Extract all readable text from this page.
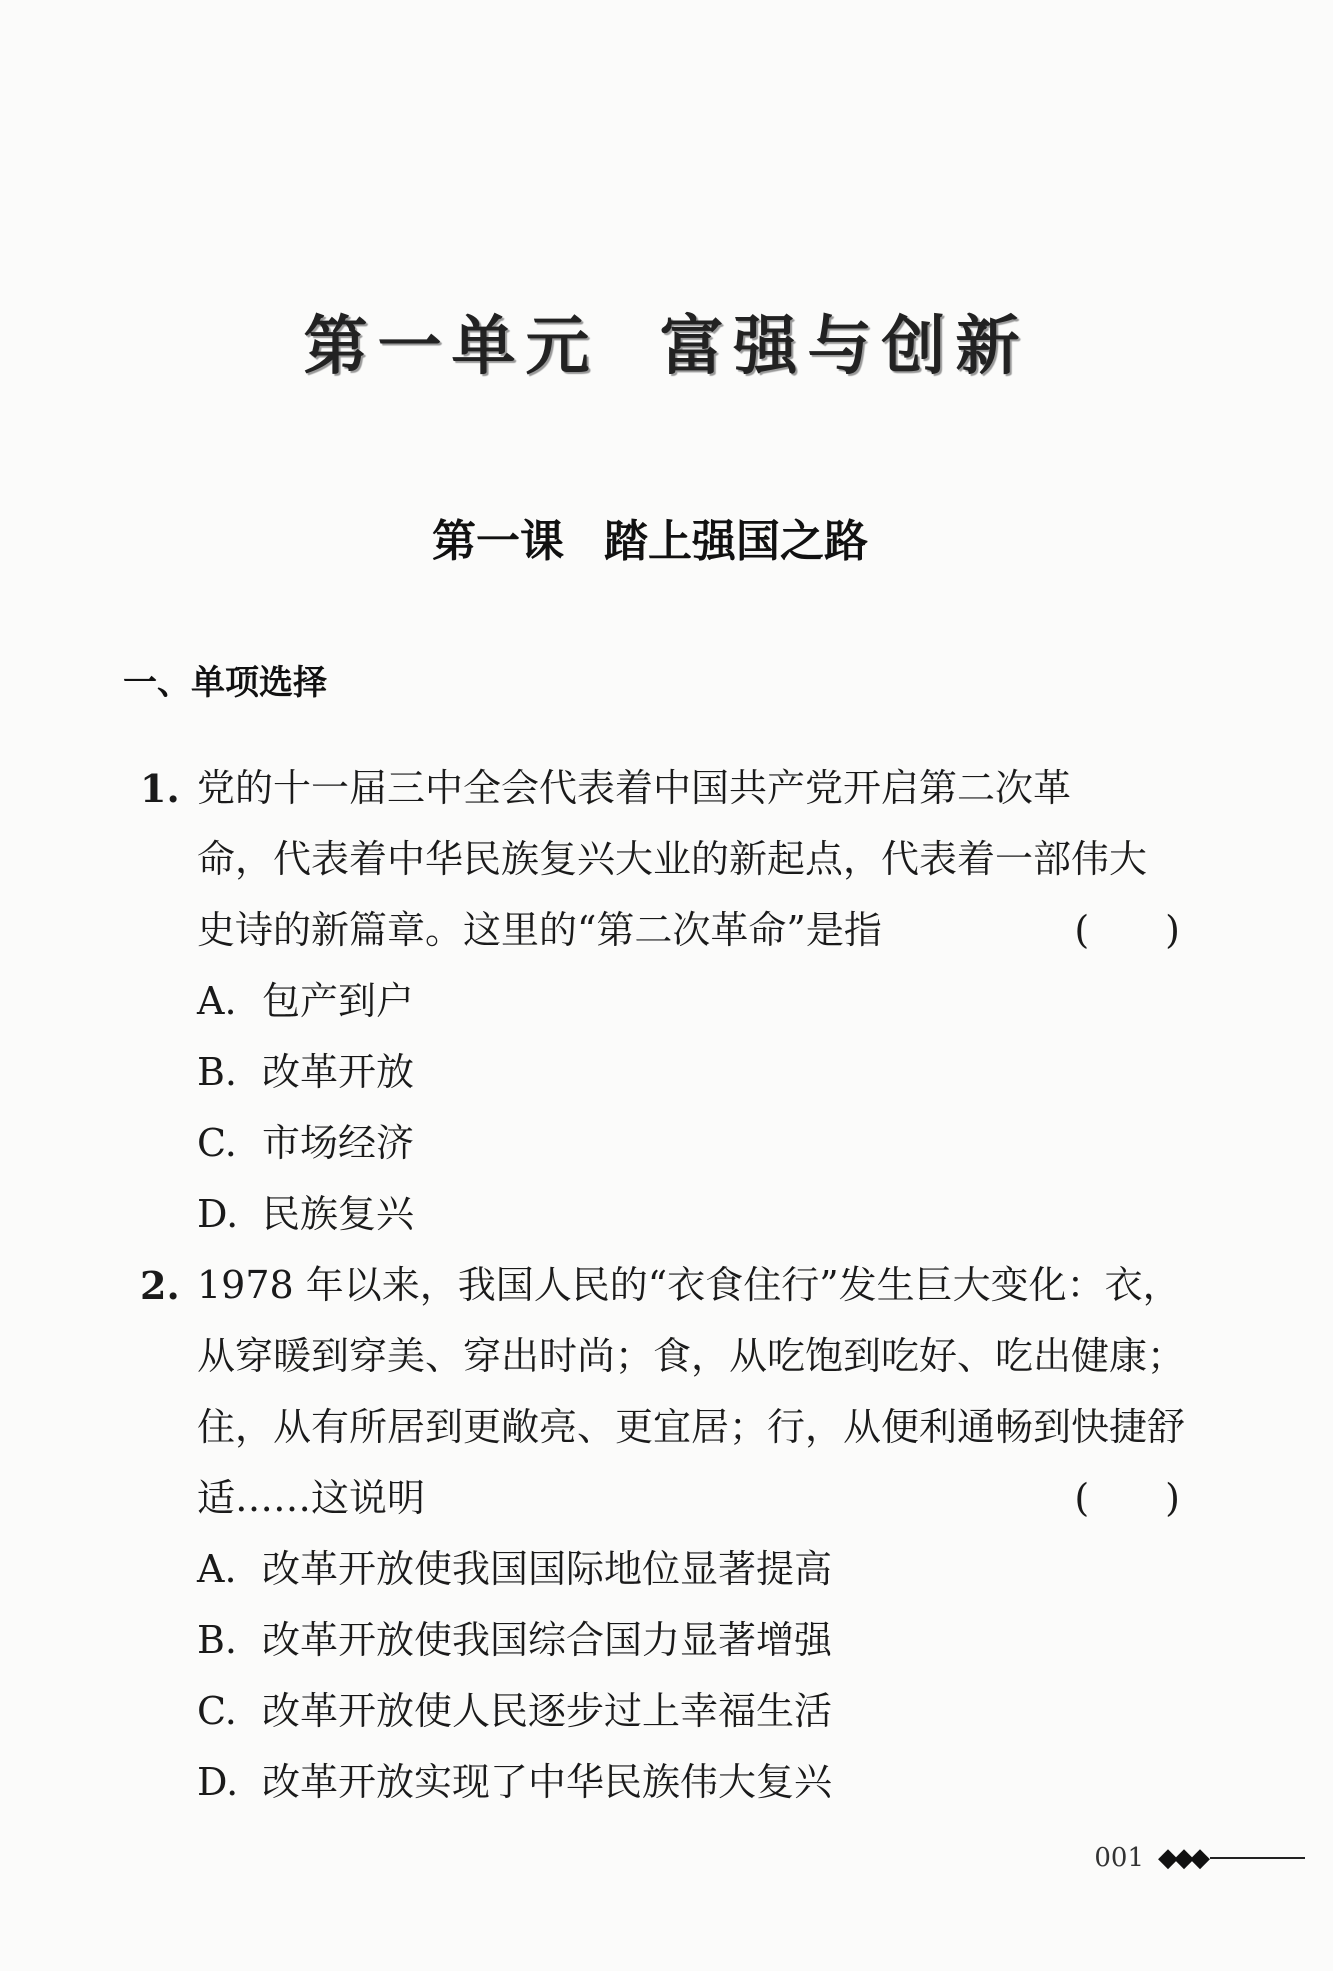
第一单元 富强与创新
第一课 踏上强国之路
一、单项选择
1. 党的十一届三中全会代表着中国共产党开启第二次革
命，代表着中华民族复兴大业的新起点，代表着一部伟大
史诗的新篇章。这里的“第二次革命”是指	(　　)
A. 包产到户
B. 改革开放
C. 市场经济
D. 民族复兴
2. 1978 年以来，我国人民的“衣食住行”发生巨大变化：衣，
从穿暖到穿美、穿出时尚；食，从吃饱到吃好、吃出健康；
住，从有所居到更敞亮、更宜居；行，从便利通畅到快捷舒
适……这说明	(　　)
A. 改革开放使我国国际地位显著提高
B. 改革开放使我国综合国力显著增强
C. 改革开放使人民逐步过上幸福生活
D. 改革开放实现了中华民族伟大复兴
001 ◆◆◆
